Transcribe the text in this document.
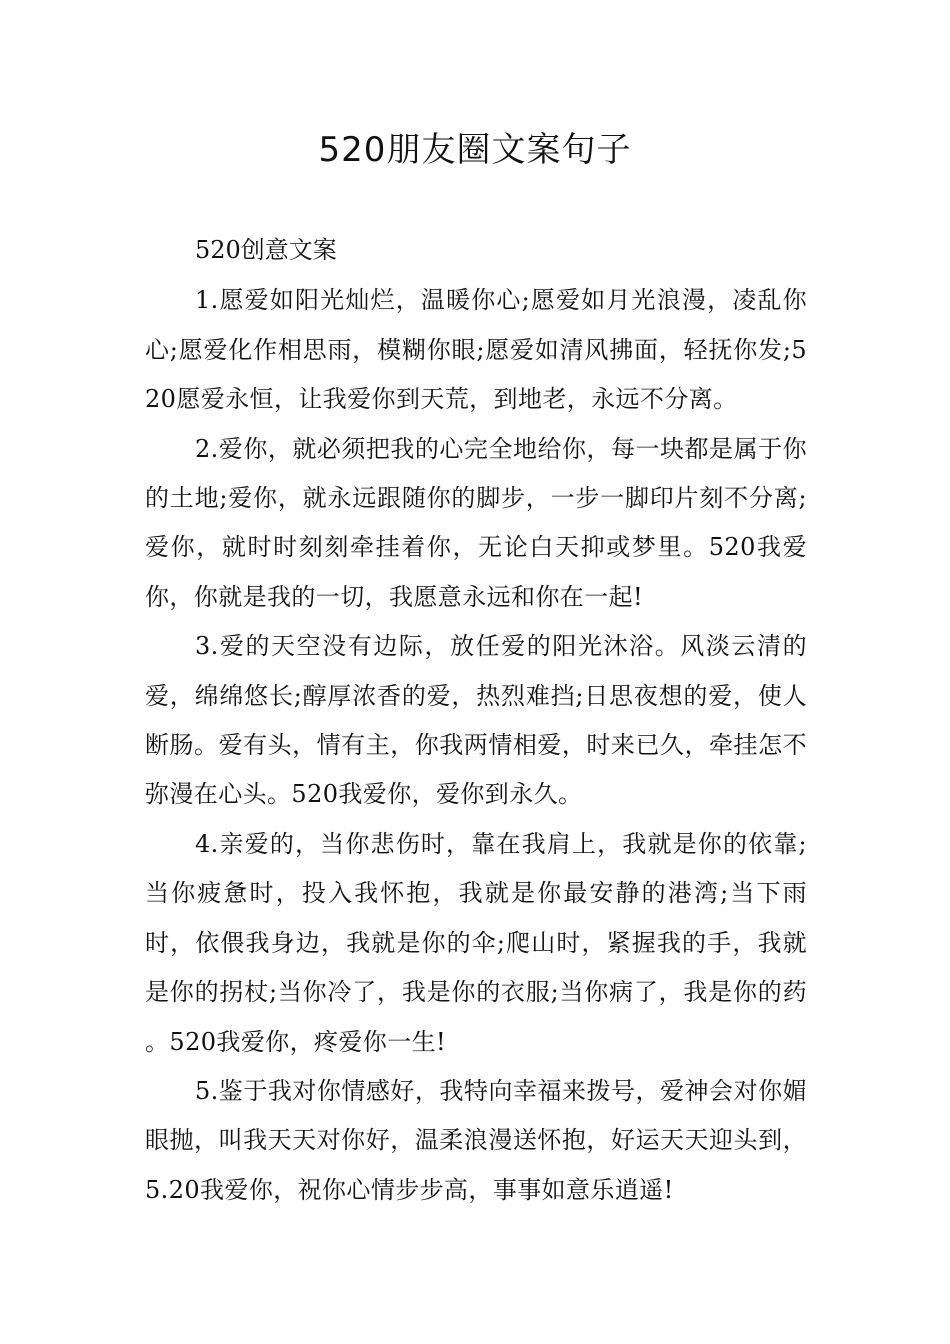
520朋友圈文案句子

520创意文案

1.愿爱如阳光灿烂，温暖你心;愿爱如月光浪漫，凌乱你心;愿爱化作相思雨，模糊你眼;愿爱如清风拂面，轻抚你发;520愿爱永恒，让我爱你到天荒，到地老，永远不分离。

2.爱你，就必须把我的心完全地给你，每一块都是属于你的土地;爱你，就永远跟随你的脚步，一步一脚印片刻不分离;爱你，就时时刻刻牵挂着你，无论白天抑或梦里。520我爱你，你就是我的一切，我愿意永远和你在一起!

3.爱的天空没有边际，放任爱的阳光沐浴。风淡云清的爱，绵绵悠长;醇厚浓香的爱，热烈难挡;日思夜想的爱，使人断肠。爱有头，情有主，你我两情相爱，时来已久，牵挂怎不弥漫在心头。520我爱你，爱你到永久。

4.亲爱的，当你悲伤时，靠在我肩上，我就是你的依靠;当你疲惫时，投入我怀抱，我就是你最安静的港湾;当下雨时，依偎我身边，我就是你的伞;爬山时，紧握我的手，我就是你的拐杖;当你冷了，我是你的衣服;当你病了，我是你的药 。520我爱你，疼爱你一生!

5.鉴于我对你情感好，我特向幸福来拨号，爱神会对你媚眼抛，叫我天天对你好，温柔浪漫送怀抱，好运天天迎头到，5.20我爱你，祝你心情步步高，事事如意乐逍遥!
